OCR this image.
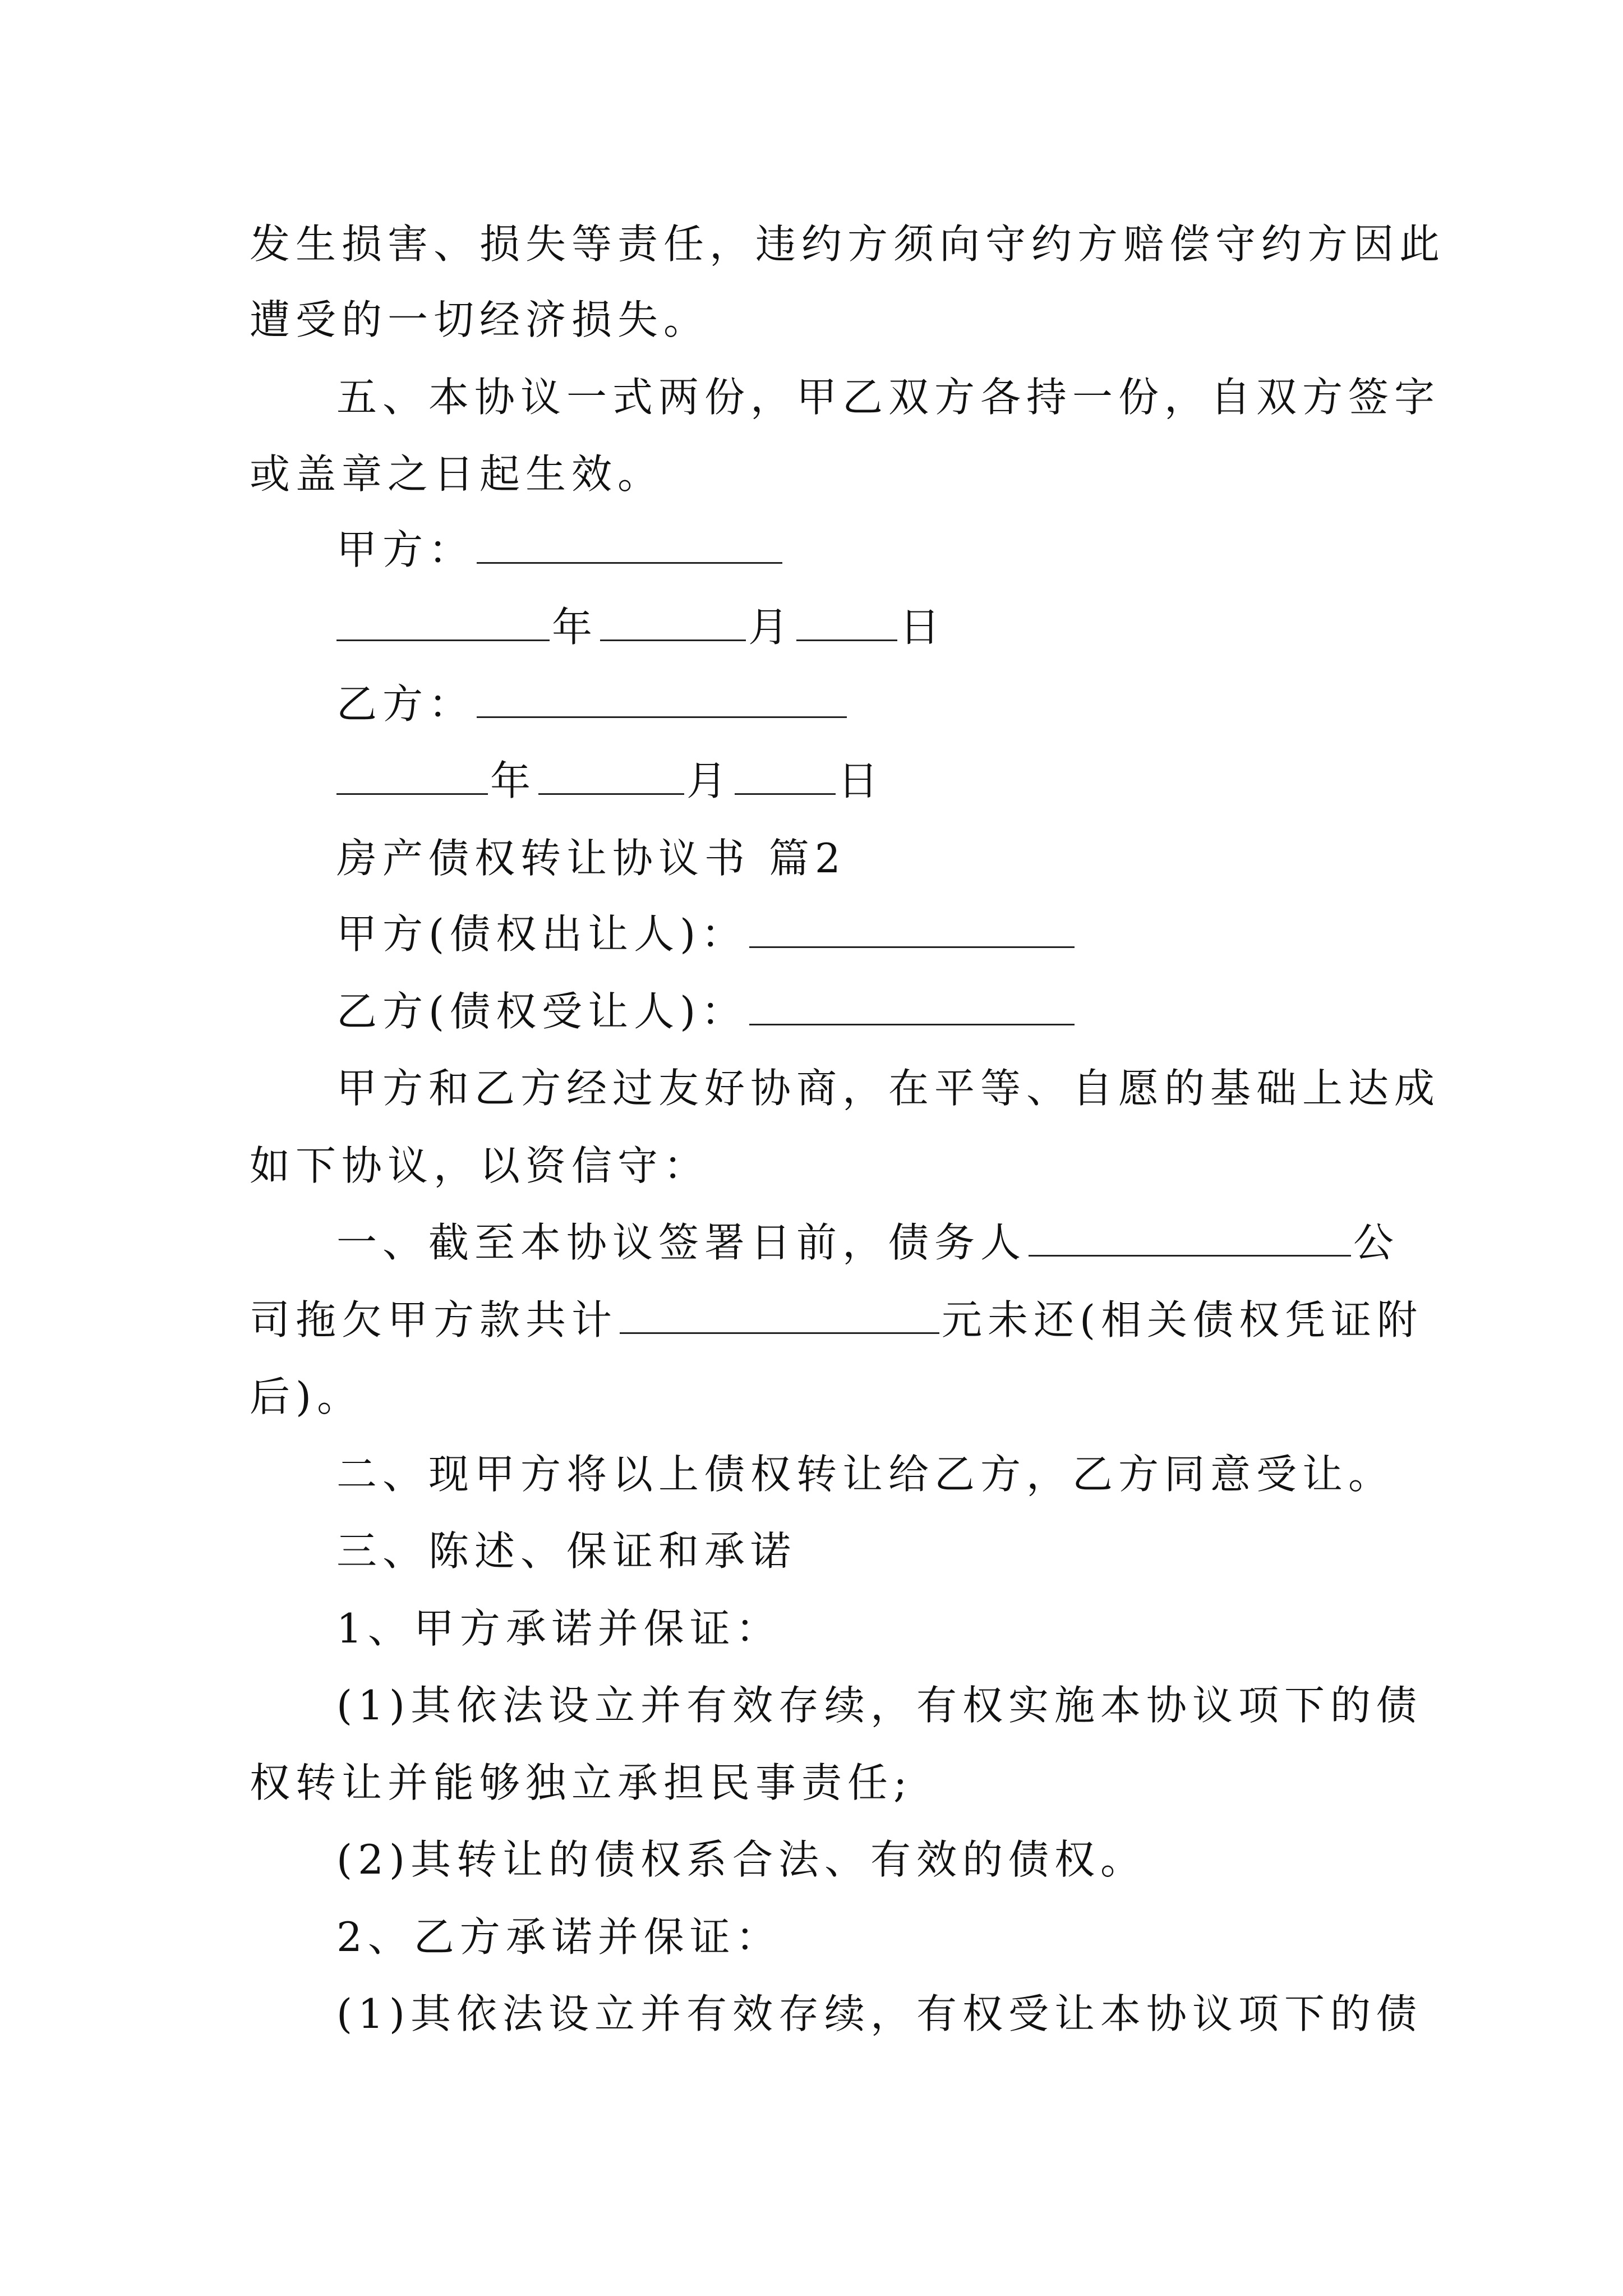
发生损害、损失等责任，违约方须向守约方赔偿守约方因此
遭受的一切经济损失。
五、本协议一式两份，甲乙双方各持一份，自双方签字
或盖章之日起生效。
甲方：
年	月	日
乙方：
年	月	日
房产债权转让协议书 篇2
甲方(债权出让人)：
乙方(债权受让人)：
甲方和乙方经过友好协商，在平等、自愿的基础上达成
如下协议，以资信守：
一、截至本协议签署日前，债务人	公
司拖欠甲方款共计	元未还(相关债权凭证附
后)。
二、现甲方将以上债权转让给乙方，乙方同意受让。
三、陈述、保证和承诺
1、甲方承诺并保证：
(1)其依法设立并有效存续，有权实施本协议项下的债
权转让并能够独立承担民事责任;
(2)其转让的债权系合法、有效的债权。
2、乙方承诺并保证：
(1)其依法设立并有效存续，有权受让本协议项下的债
